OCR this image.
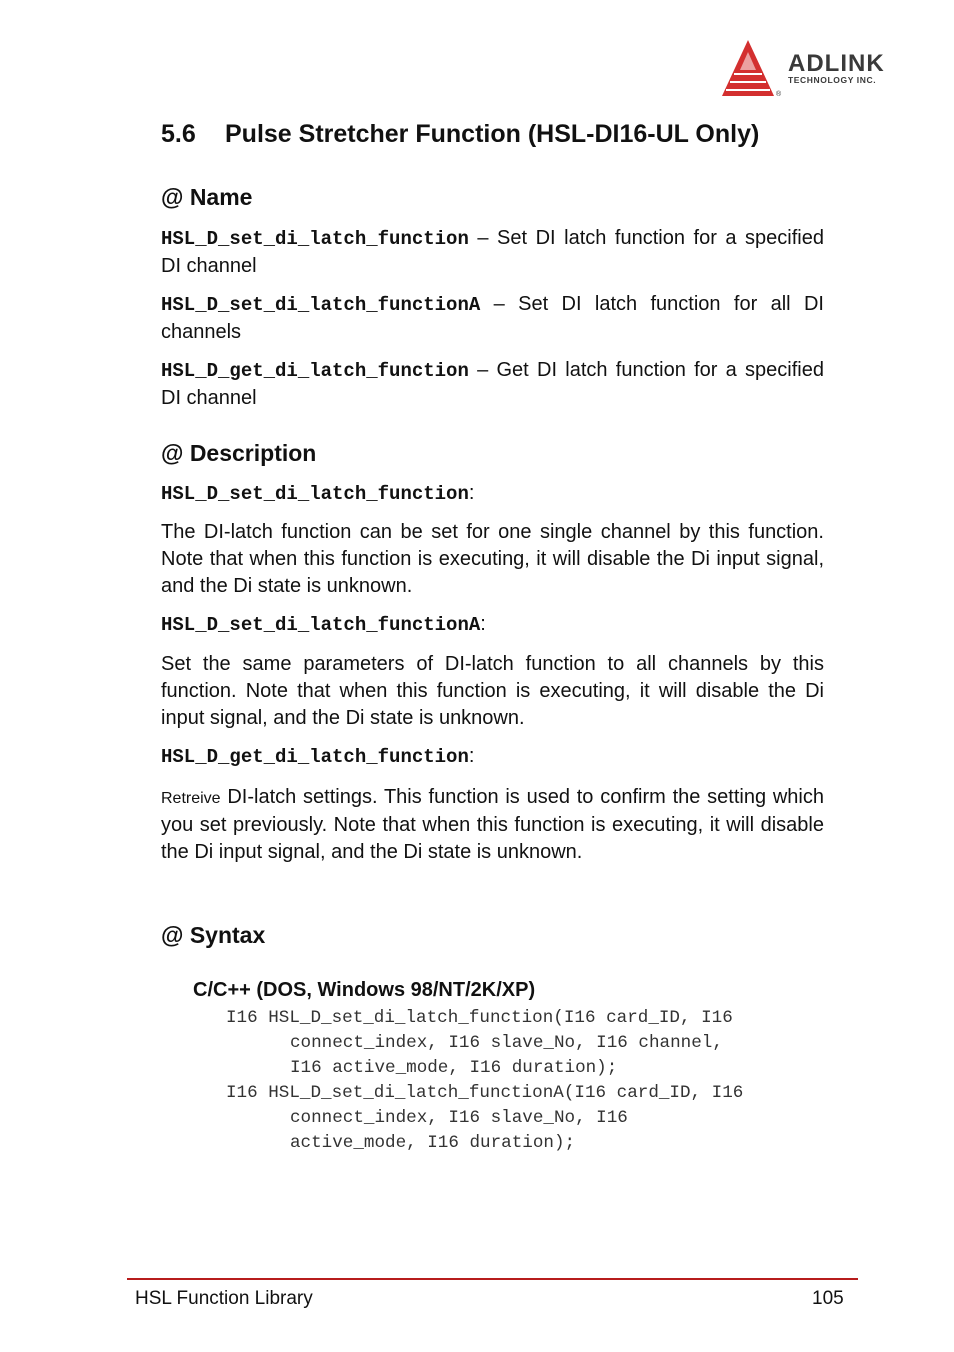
ADLINK
TECHNOLOGY INC.
®
5.6 Pulse Stretcher Function (HSL-DI16-UL Only)
@ Name
HSL_D_set_di_latch_function – Set DI latch function for a specified DI channel
HSL_D_set_di_latch_functionA – Set DI latch function for all DI channels
HSL_D_get_di_latch_function – Get DI latch function for a specified DI channel
@ Description
HSL_D_set_di_latch_function:
The DI-latch function can be set for one single channel by this function. Note that when this function is executing, it will disable the Di input signal, and the Di state is unknown.
HSL_D_set_di_latch_functionA:
Set the same parameters of DI-latch function to all channels by this function. Note that when this function is executing, it will disable the Di input signal, and the Di state is unknown.
HSL_D_get_di_latch_function:
Retreive DI-latch settings. This function is used to confirm the setting which you set previously. Note that when this function is executing, it will disable the Di input signal, and the Di state is unknown.
@ Syntax
C/C++ (DOS, Windows 98/NT/2K/XP)
I16 HSL_D_set_di_latch_function(I16 card_ID, I16
connect_index, I16 slave_No, I16 channel,
I16 active_mode, I16 duration);
I16 HSL_D_set_di_latch_functionA(I16 card_ID, I16
connect_index, I16 slave_No, I16
active_mode, I16 duration);
HSL Function Library	105
